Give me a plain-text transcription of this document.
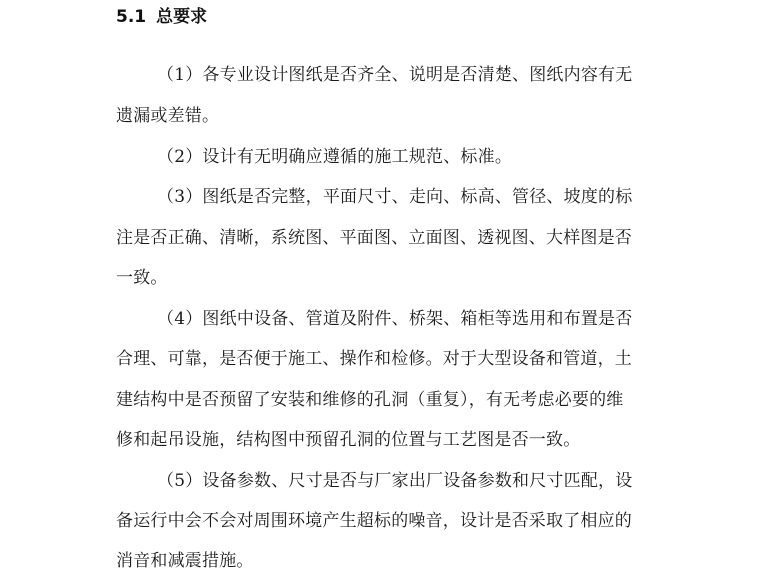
5.1 总要求
（1）各专业设计图纸是否齐全、说明是否清楚、图纸内容有无
遗漏或差错。
（2）设计有无明确应遵循的施工规范、标准。
（3）图纸是否完整，平面尺寸、走向、标高、管径、坡度的标
注是否正确、清晰，系统图、平面图、立面图、透视图、大样图是否
一致。
（4）图纸中设备、管道及附件、桥架、箱柜等选用和布置是否
合理、可靠，是否便于施工、操作和检修。对于大型设备和管道，土
建结构中是否预留了安装和维修的孔洞（重复），有无考虑必要的维
修和起吊设施，结构图中预留孔洞的位置与工艺图是否一致。
（5）设备参数、尺寸是否与厂家出厂设备参数和尺寸匹配，设
备运行中会不会对周围环境产生超标的噪音，设计是否采取了相应的
消音和减震措施。
